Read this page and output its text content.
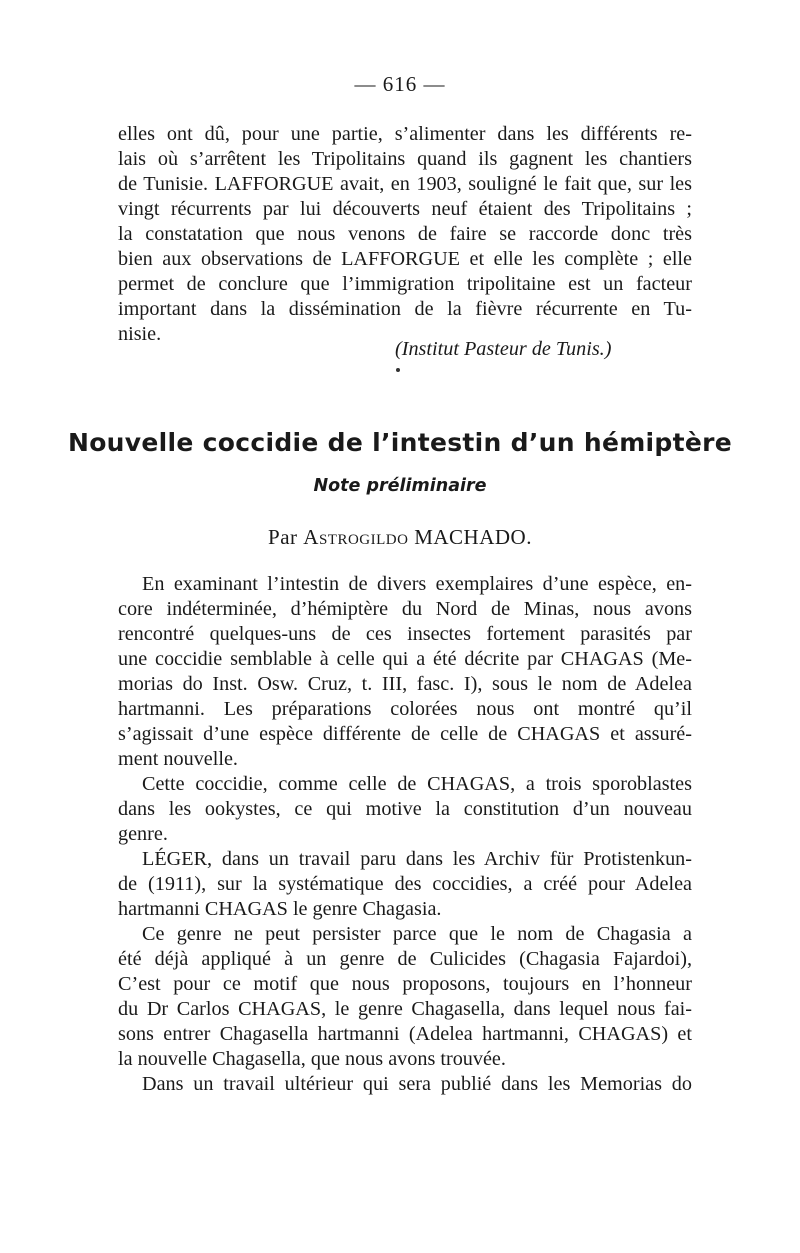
— 616 —
elles ont dû, pour une partie, s’alimenter dans les différents re-
lais où s’arrêtent les Tripolitains quand ils gagnent les chantiers
de Tunisie. LAFFORGUE avait, en 1903, souligné le fait que, sur les
vingt récurrents par lui découverts neuf étaient des Tripolitains ;
la constatation que nous venons de faire se raccorde donc très
bien aux observations de LAFFORGUE et elle les complète ; elle
permet de conclure que l’immigration tripolitaine est un facteur
important dans la dissémination de la fièvre récurrente en Tu-
nisie.
(Institut Pasteur de Tunis.)
Nouvelle coccidie de l’intestin d’un hémiptère
Note préliminaire
Par Astrogildo MACHADO.
En examinant l’intestin de divers exemplaires d’une espèce, en-
core indéterminée, d’hémiptère du Nord de Minas, nous avons
rencontré quelques-uns de ces insectes fortement parasités par
une coccidie semblable à celle qui a été décrite par CHAGAS (Me-
morias do Inst. Osw. Cruz, t. III, fasc. I), sous le nom de Adelea
hartmanni. Les préparations colorées nous ont montré qu’il
s’agissait d’une espèce différente de celle de CHAGAS et assuré-
ment nouvelle.
Cette coccidie, comme celle de CHAGAS, a trois sporoblastes
dans les ookystes, ce qui motive la constitution d’un nouveau
genre.
LÉGER, dans un travail paru dans les Archiv für Protistenkun-
de (1911), sur la systématique des coccidies, a créé pour Adelea
hartmanni CHAGAS le genre Chagasia.
Ce genre ne peut persister parce que le nom de Chagasia a
été déjà appliqué à un genre de Culicides (Chagasia Fajardoi),
C’est pour ce motif que nous proposons, toujours en l’honneur
du Dr Carlos CHAGAS, le genre Chagasella, dans lequel nous fai-
sons entrer Chagasella hartmanni (Adelea hartmanni, CHAGAS) et
la nouvelle Chagasella, que nous avons trouvée.
Dans un travail ultérieur qui sera publié dans les Memorias do
